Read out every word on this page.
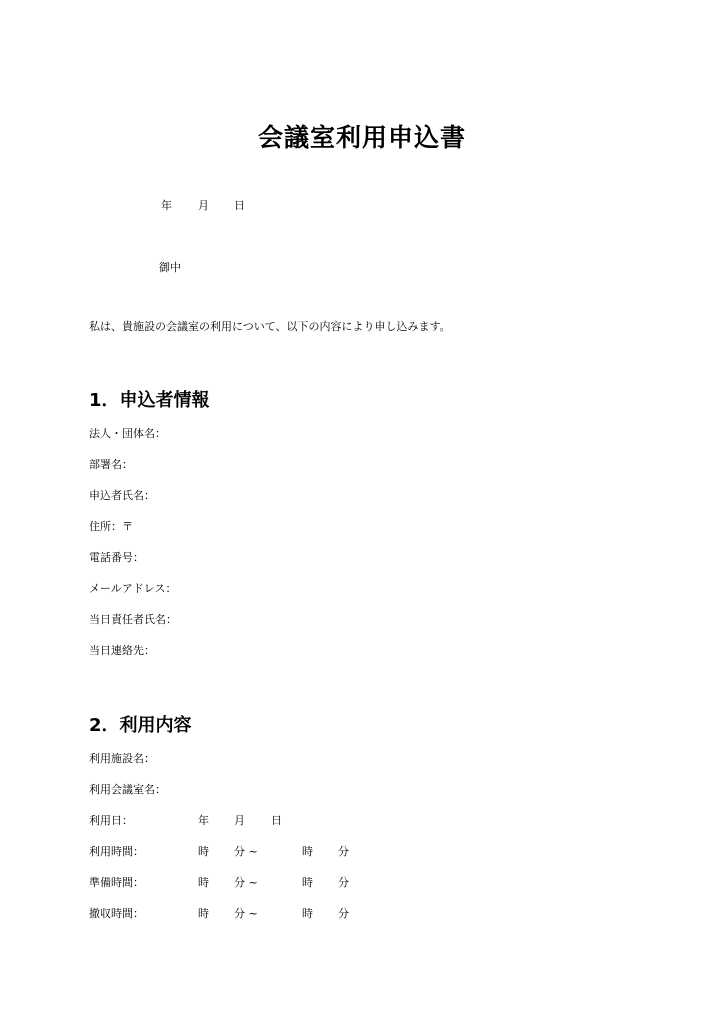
会議室利用申込書
年 月 日
御中
私は、貴施設の会議室の利用について、以下の内容により申し込みます。
1．申込者情報
法人・団体名：
部署名：
申込者氏名：
住所：〒
電話番号：
メールアドレス：
当日責任者氏名：
当日連絡先：
2．利用内容
利用施設名：
利用会議室名：
利用日：	年 月 日
利用時間：	時 分 ~	時 分
準備時間：	時 分 ~	時 分
撤収時間：	時 分 ~	時 分
